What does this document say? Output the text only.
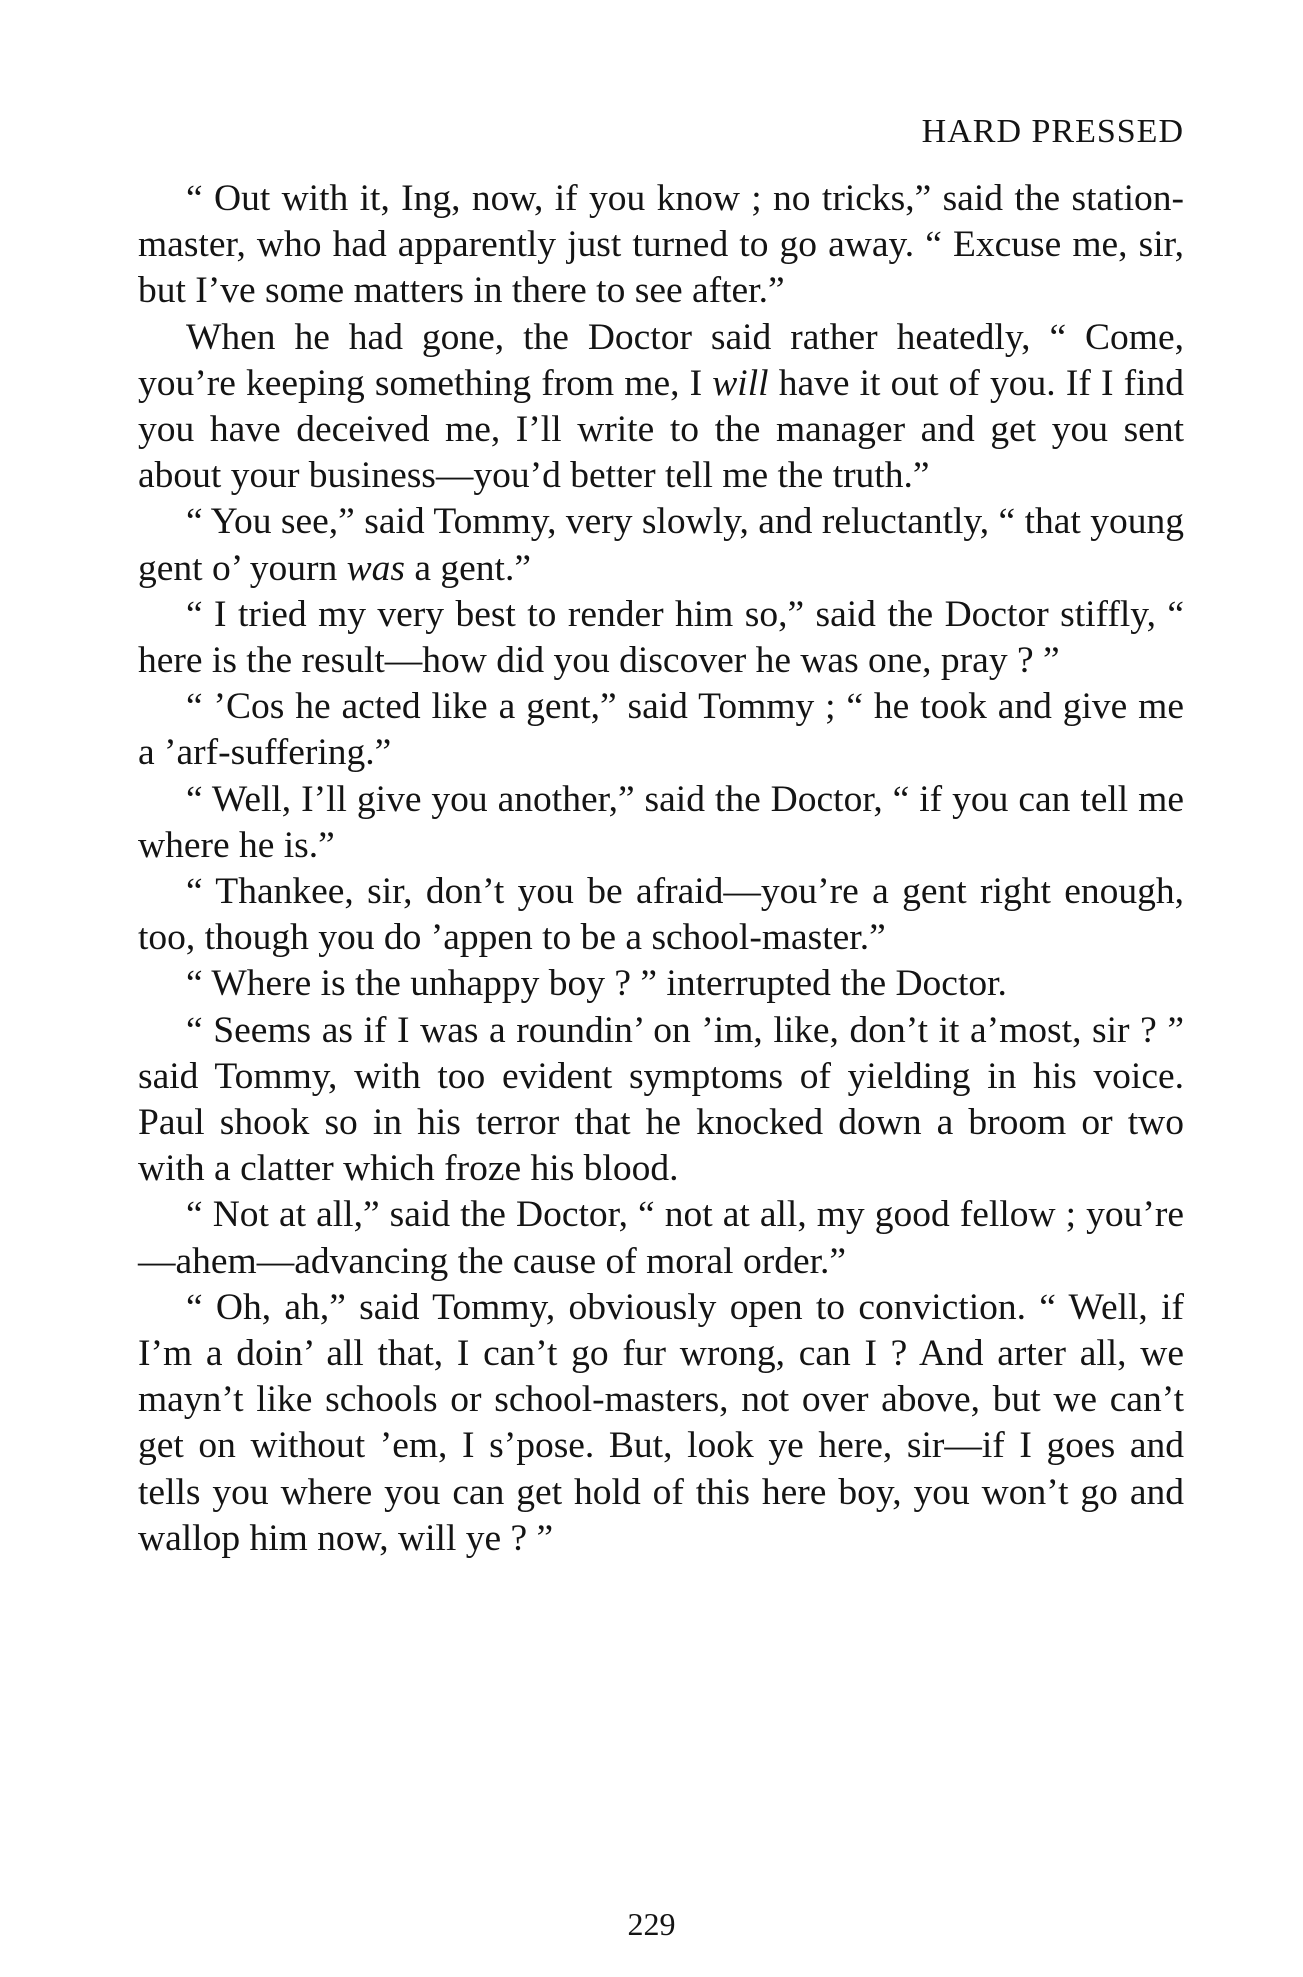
HARD PRESSED

“ Out with it, Ing, now, if you know ; no tricks,” said the station-master, who had apparently just turned to go away. “ Excuse me, sir, but I’ve some matters in there to see after.”

When he had gone, the Doctor said rather heatedly, “ Come, you’re keeping something from me, I will have it out of you. If I find you have deceived me, I’ll write to the manager and get you sent about your business—you’d better tell me the truth.”

“ You see,” said Tommy, very slowly, and reluctantly, “ that young gent o’ yourn was a gent.”

“ I tried my very best to render him so,” said the Doctor stiffly, “ here is the result—how did you discover he was one, pray ? ”

“ ’Cos he acted like a gent,” said Tommy ; “ he took and give me a ’arf-suffering.”

“ Well, I’ll give you another,” said the Doctor, “ if you can tell me where he is.”

“ Thankee, sir, don’t you be afraid—you’re a gent right enough, too, though you do ’appen to be a school-master.”

“ Where is the unhappy boy ? ” interrupted the Doctor.

“ Seems as if I was a roundin’ on ’im, like, don’t it a’most, sir ? ” said Tommy, with too evident symptoms of yielding in his voice. Paul shook so in his terror that he knocked down a broom or two with a clatter which froze his blood.

“ Not at all,” said the Doctor, “ not at all, my good fellow ; you’re—ahem—advancing the cause of moral order.”

“ Oh, ah,” said Tommy, obviously open to conviction. “ Well, if I’m a doin’ all that, I can’t go fur wrong, can I ? And arter all, we mayn’t like schools or school-masters, not over above, but we can’t get on without ’em, I s’pose. But, look ye here, sir—if I goes and tells you where you can get hold of this here boy, you won’t go and wallop him now, will ye ? ”

229
